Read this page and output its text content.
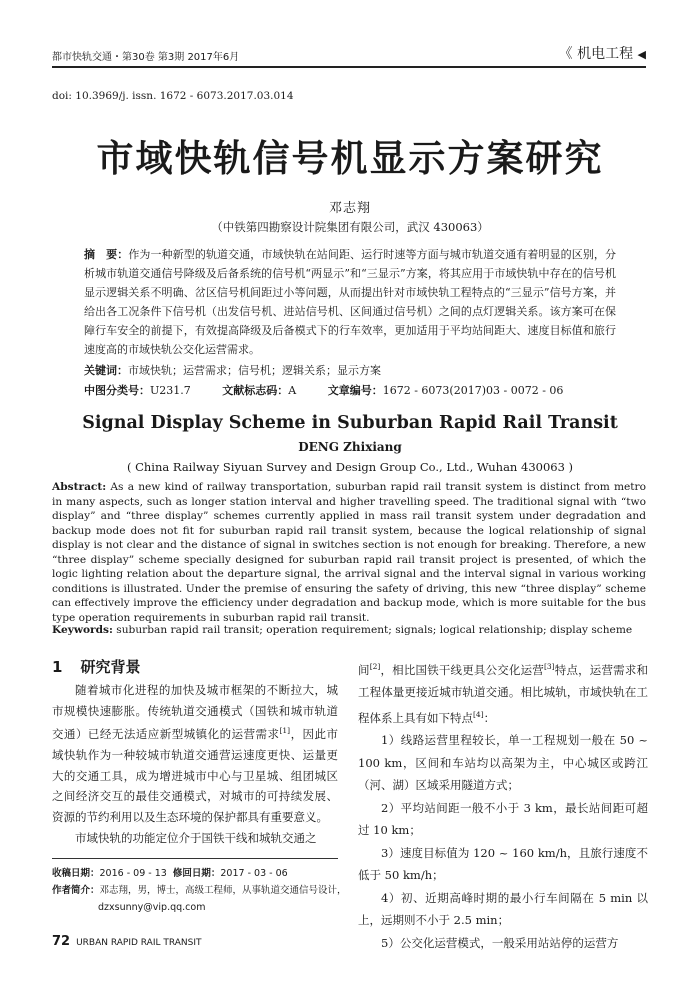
都市快轨交通・第30卷 第3期 2017年6月	《 机电工程 ◀
doi: 10.3969/j. issn. 1672 - 6073.2017.03.014
市域快轨信号机显示方案研究
邓志翔
（中铁第四勘察设计院集团有限公司，武汉 430063）
摘　要：作为一种新型的轨道交通，市域快轨在站间距、运行时速等方面与城市轨道交通有着明显的区别，分析城市轨道交通信号降级及后备系统的信号机“两显示”和“三显示”方案，将其应用于市域快轨中存在的信号机显示逻辑关系不明确、岔区信号机间距过小等问题，从而提出针对市域快轨工程特点的“三显示”信号方案，并给出各工况条件下信号机（出发信号机、进站信号机、区间通过信号机）之间的点灯逻辑关系。该方案可在保障行车安全的前提下，有效提高降级及后备模式下的行车效率，更加适用于平均站间距大、速度目标值和旅行速度高的市域快轨公交化运营需求。
关键词：市域快轨；运营需求；信号机；逻辑关系；显示方案
中图分类号：U231.7	文献标志码：A	文章编号：1672 - 6073(2017)03 - 0072 - 06
Signal Display Scheme in Suburban Rapid Rail Transit
DENG Zhixiang
( China Railway Siyuan Survey and Design Group Co., Ltd., Wuhan 430063 )
Abstract: As a new kind of railway transportation, suburban rapid rail transit system is distinct from metro in many aspects, such as longer station interval and higher travelling speed. The traditional signal with “two display” and “three display” schemes currently applied in mass rail transit system under degradation and backup mode does not fit for suburban rapid rail transit system, because the logical relationship of signal display is not clear and the distance of signal in switches section is not enough for breaking. Therefore, a new “three display” scheme specially designed for suburban rapid rail transit project is presented, of which the logic lighting relation about the departure signal, the arrival signal and the interval signal in various working conditions is illustrated. Under the premise of ensuring the safety of driving, this new “three display” scheme can effectively improve the efficiency under degradation and backup mode, which is more suitable for the bus type operation requirements in suburban rapid rail transit.
Keywords: suburban rapid rail transit; operation requirement; signals; logical relationship; display scheme
1 研究背景

随着城市化进程的加快及城市框架的不断拉大，城市规模快速膨胀。传统轨道交通模式（国铁和城市轨道交通）已经无法适应新型城镇化的运营需求[1]，因此市域快轨作为一种较城市轨道交通营运速度更快、运量更大的交通工具，成为增进城市中心与卫星城、组团城区之间经济交互的最佳交通模式，对城市的可持续发展、资源的节约利用以及生态环境的保护都具有重要意义。

市域快轨的功能定位介于国铁干线和城轨交通之

收稿日期：2016 - 09 - 13 修回日期：2017 - 03 - 06
作者简介：邓志翔，男，博士，高级工程师，从事轨道交通信号设计，
dzxsunny@vip.qq.com

间[2]，相比国铁干线更具公交化运营[3]特点，运营需求和工程体量更接近城市轨道交通。相比城轨，市域快轨在工程体系上具有如下特点[4]：

1）线路运营里程较长，单一工程规划一般在 50 ~ 100 km，区间和车站均以高架为主，中心城区或跨江（河、湖）区域采用隧道方式；

2）平均站间距一般不小于 3 km，最长站间距可超过 10 km；

3）速度目标值为 120 ~ 160 km/h，且旅行速度不低于 50 km/h；

4）初、近期高峰时期的最小行车间隔在 5 min 以上，远期则不小于 2.5 min；

5）公交化运营模式，一般采用站站停的运营方

72 URBAN RAPID RAIL TRANSIT
